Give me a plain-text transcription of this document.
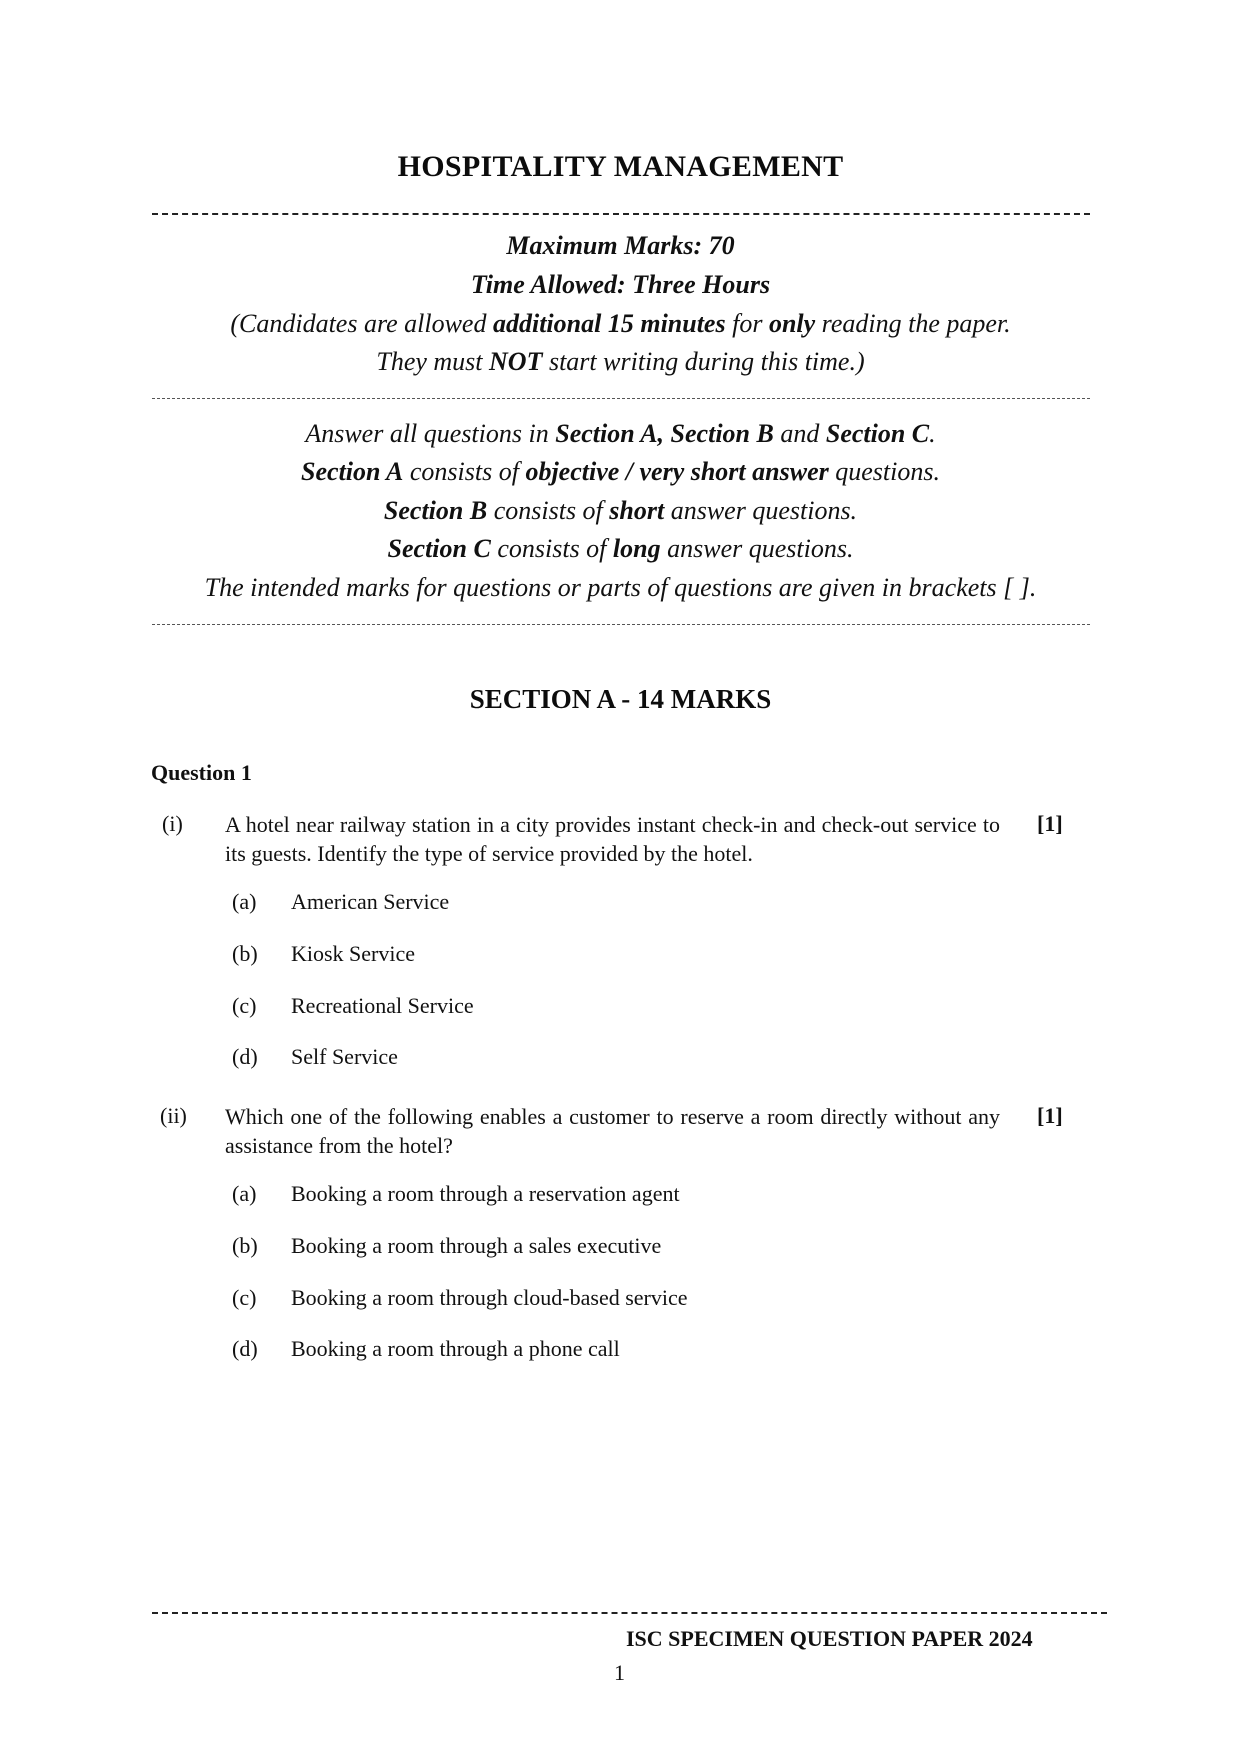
HOSPITALITY MANAGEMENT
Maximum Marks: 70
Time Allowed: Three Hours
(Candidates are allowed additional 15 minutes for only reading the paper.
They must NOT start writing during this time.)
Answer all questions in Section A, Section B and Section C.
Section A consists of objective / very short answer questions.
Section B consists of short answer questions.
Section C consists of long answer questions.
The intended marks for questions or parts of questions are given in brackets [ ].
SECTION A - 14 MARKS
Question 1
(i) A hotel near railway station in a city provides instant check-in and check-out service to its guests. Identify the type of service provided by the hotel.
[1]
(a) American Service
(b) Kiosk Service
(c) Recreational Service
(d) Self Service
(ii) Which one of the following enables a customer to reserve a room directly without any assistance from the hotel?
[1]
(a) Booking a room through a reservation agent
(b) Booking a room through a sales executive
(c) Booking a room through cloud-based service
(d) Booking a room through a phone call
ISC SPECIMEN QUESTION PAPER 2024
1
